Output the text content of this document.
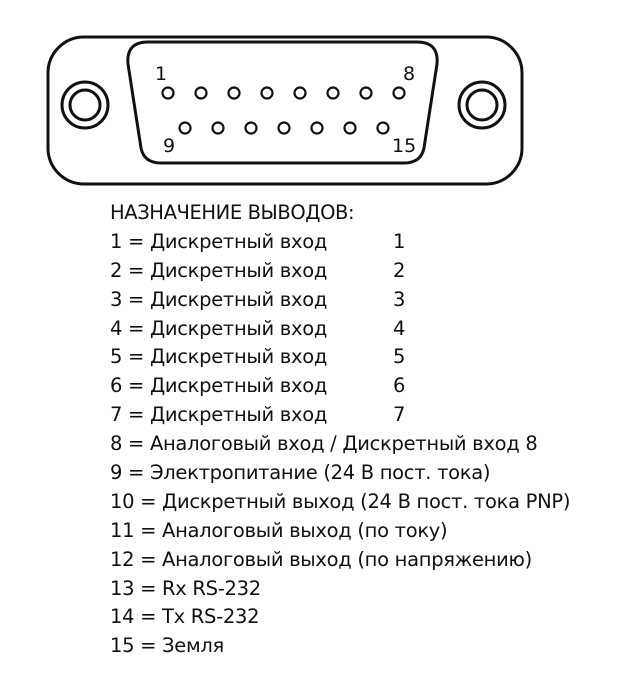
1	8
9	15
НАЗНАЧЕНИЕ ВЫВОДОВ:
1 = Дискретный вход	1
2 = Дискретный вход	2
3 = Дискретный вход	3
4 = Дискретный вход	4
5 = Дискретный вход	5
6 = Дискретный вход	6
7 = Дискретный вход	7
8 = Аналоговый вход / Дискретный вход 8
9 = Электропитание (24 В пост. тока)
10 = Дискретный выход (24 В пост. тока PNP)
11 = Аналоговый выход (по току)
12 = Аналоговый выход (по напряжению)
13 = Rx RS-232
14 = Tx RS-232
15 = Земля
